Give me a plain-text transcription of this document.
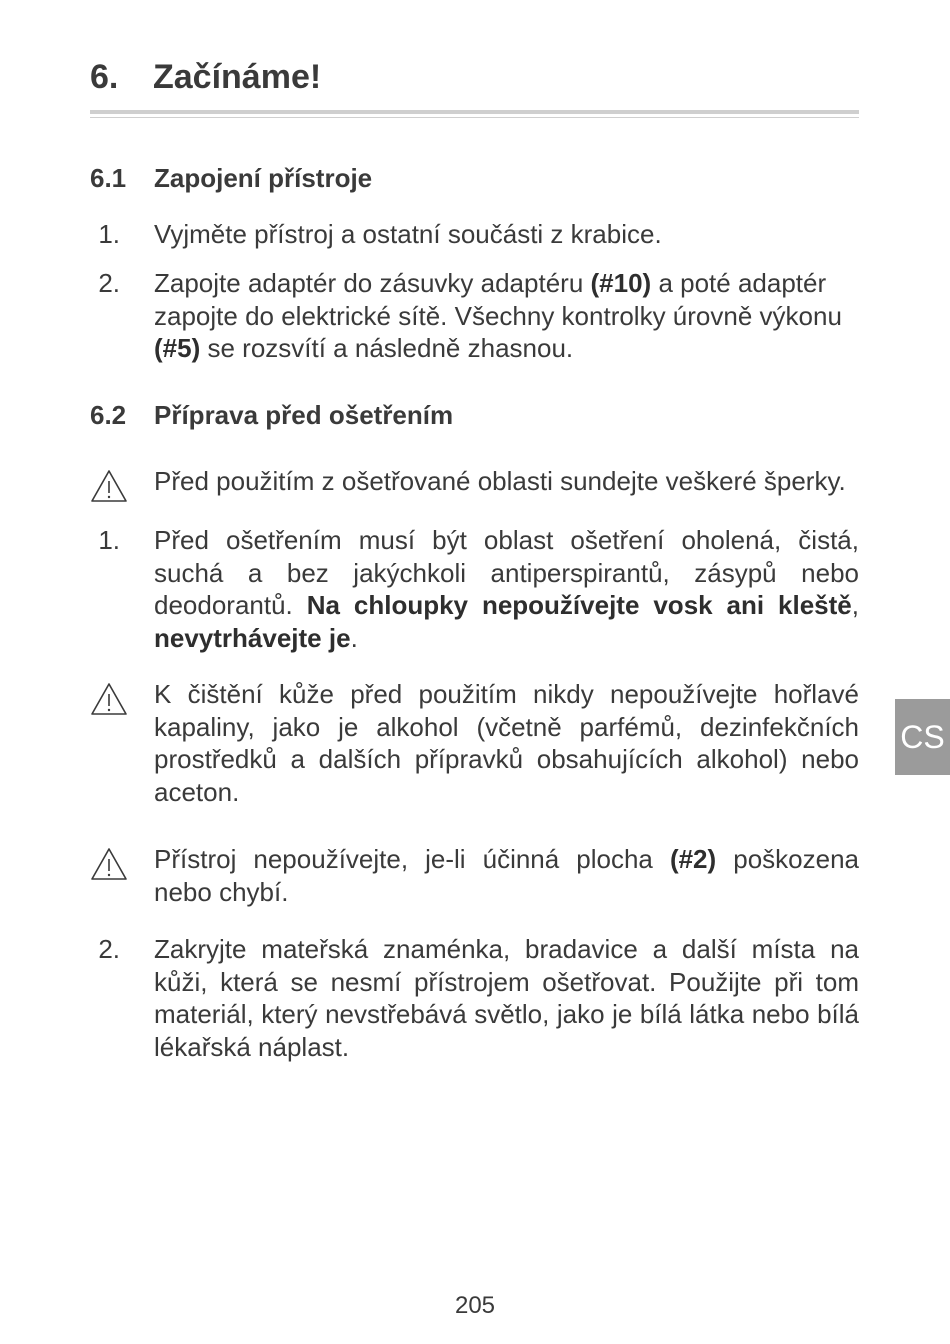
6. Začínáme!
6.1 Zapojení přístroje
1. Vyjměte přístroj a ostatní součásti z krabice.
2. Zapojte adaptér do zásuvky adaptéru (#10) a poté adaptér zapojte do elektrické sítě. Všechny kontrolky úrovně výkonu (#5) se rozsvítí a následně zhasnou.
6.2 Příprava před ošetřením
Před použitím z ošetřované oblasti sundejte veškeré šperky.
1. Před ošetřením musí být oblast ošetření oholená, čistá, suchá a bez jakýchkoli antiperspirantů, zásypů nebo deodorantů. Na chloupky nepoužívejte vosk ani kleště, nevytrhávejte je.
K čištění kůže před použitím nikdy nepoužívejte hořlavé kapaliny, jako je alkohol (včetně parfémů, dezinfekčních prostředků a dalších přípravků obsahujících alkohol) nebo aceton.
Přístroj nepoužívejte, je-li účinná plocha (#2) poškozena nebo chybí.
2. Zakryjte mateřská znaménka, bradavice a další místa na kůži, která se nesmí přístrojem ošetřovat. Použijte při tom materiál, který nevstřebává světlo, jako je bílá látka nebo bílá lékařská náplast.
CS
205
